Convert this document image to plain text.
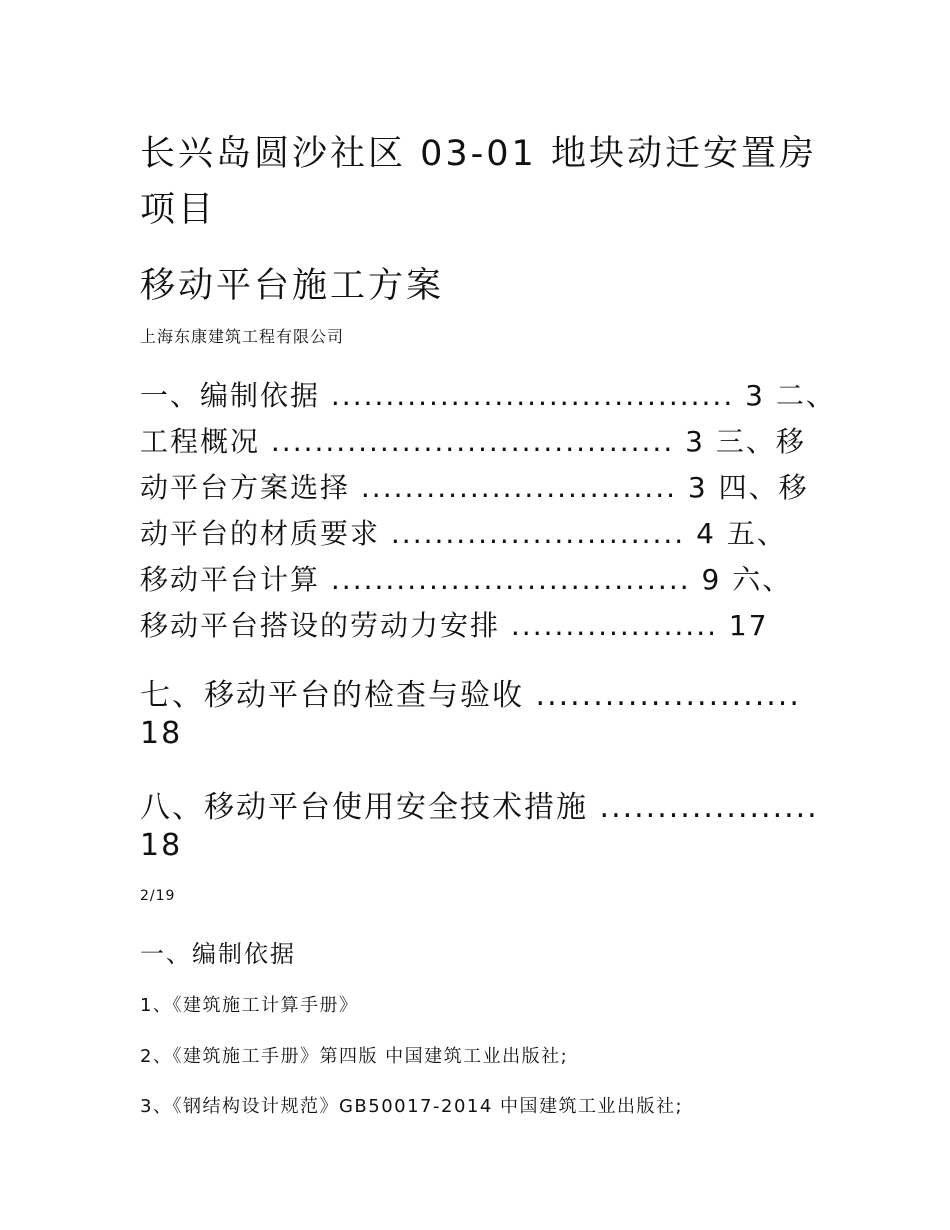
长兴岛圆沙社区 03-01 地块动迁安置房
项目
移动平台施工方案
上海东康建筑工程有限公司
一、编制依据 ..................................... 3 二、
工程概况 ..................................... 3 三、移
动平台方案选择 ............................. 3 四、移
动平台的材质要求 ........................... 4 五、
移动平台计算 ................................. 9 六、
移动平台搭设的劳动力安排 ................... 17
七、移动平台的检查与验收 .......................
18
八、移动平台使用安全技术措施 ...................
18
2/19
一、编制依据
1、《建筑施工计算手册》
2、《建筑施工手册》第四版 中国建筑工业出版社;
3、《钢结构设计规范》GB50017-2014 中国建筑工业出版社;
